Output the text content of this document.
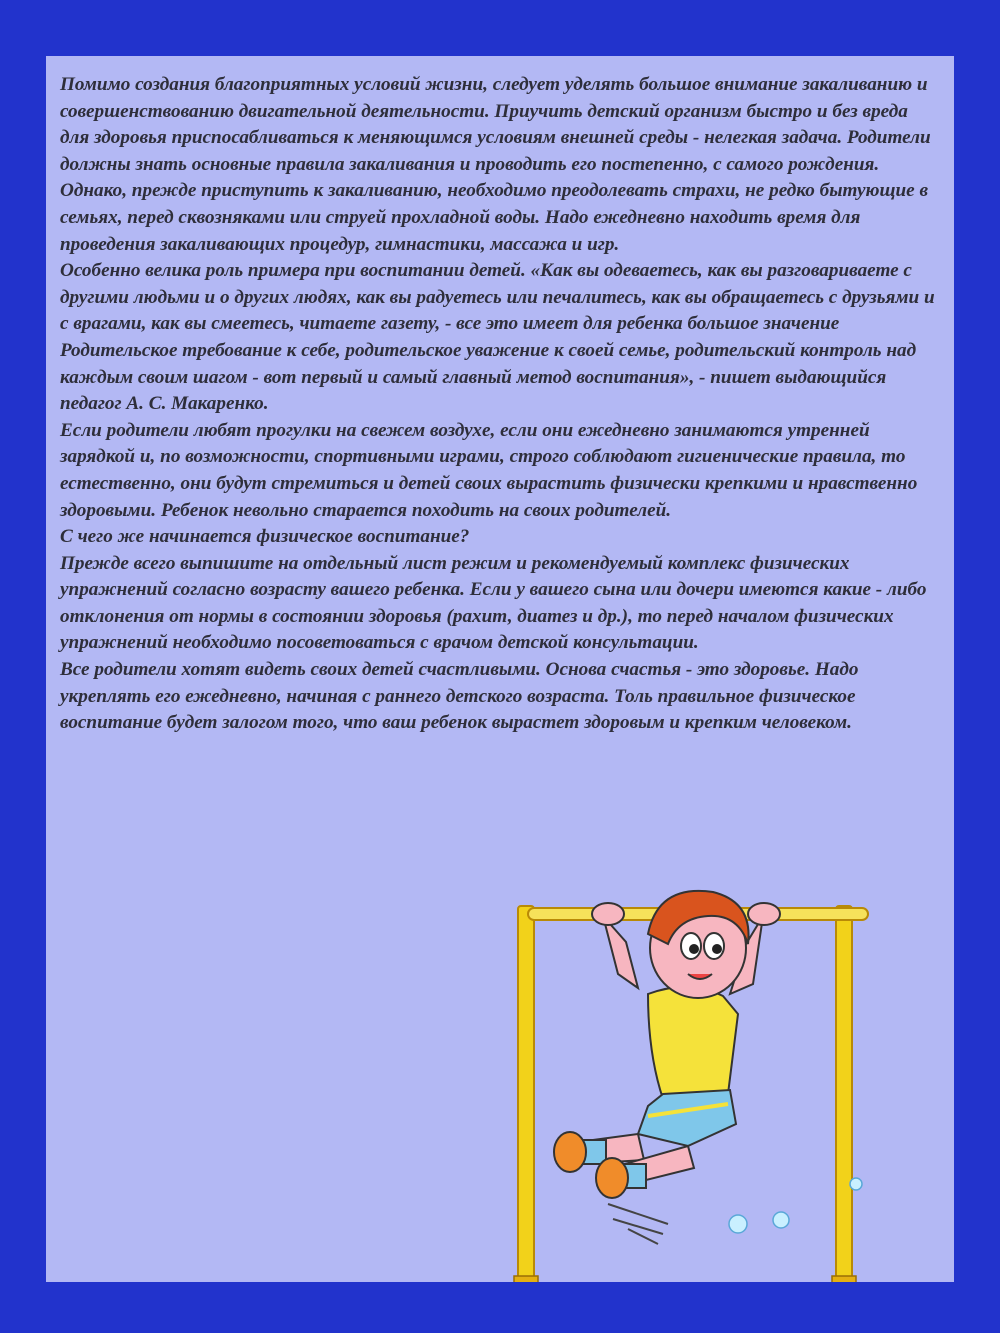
Помимо создания благоприятных условий жизни, следует уделять большое внимание закаливанию и совершенствованию двигательной деятельности. Приучить детский организм быстро и без вреда для здоровья приспосабливаться к меняющимся условиям внешней среды - нелегкая задача. Родители должны знать основные правила закаливания и проводить его постепенно, с самого рождения.

Однако, прежде приступить к закаливанию, необходимо преодолевать страхи, не редко бытующие в семьях, перед сквозняками или струей прохладной воды. Надо ежедневно находить время для проведения закаливающих процедур, гимнастики, массажа и игр.

Особенно велика роль примера при воспитании детей. «Как вы одеваетесь, как вы разговариваете с другими людьми и о других людях, как вы радуетесь или печалитесь, как вы обращаетесь с друзьями и с врагами, как вы смеетесь, читаете газету, - все это имеет для ребенка большое значение Родительское требование к себе, родительское уважение к своей семье, родительский контроль над каждым своим шагом - вот первый и самый главный метод воспитания», - пишет выдающийся педагог А. С. Макаренко.

Если родители любят прогулки на свежем воздухе, если они ежедневно занимаются утренней зарядкой и, по возможности, спортивными играми, строго соблюдают гигиенические правила, то естественно, они будут стремиться и детей своих вырастить физически крепкими и нравственно здоровыми. Ребенок невольно старается походить на своих родителей.

С чего же начинается физическое воспитание?

Прежде всего выпишите на отдельный лист режим и рекомендуемый комплекс физических упражнений согласно возрасту вашего ребенка. Если у вашего сына или дочери имеются какие - либо отклонения от нормы в состоянии здоровья (рахит, диатез и др.), то перед началом физических упражнений необходимо посоветоваться с врачом детской консультации.

Все родители хотят видеть своих детей счастливыми. Основа счастья - это здоровье. Надо укреплять его ежедневно, начиная с раннего детского возраста. Толь правильное физическое воспитание будет залогом того, что ваш ребенок вырастет здоровым и крепким человеком.
